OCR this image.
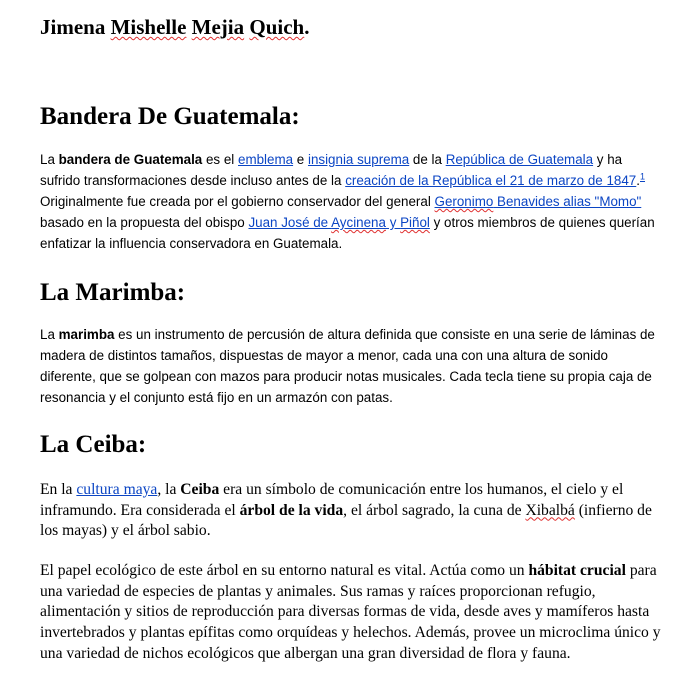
Jimena Mishelle Mejia Quich.
Bandera De Guatemala:
La bandera de Guatemala es el emblema e insignia suprema de la República de Guatemala y ha sufrido transformaciones desde incluso antes de la creación de la República el 21 de marzo de 1847.$^1$ Originalmente fue creada por el gobierno conservador del general Geronimo Benavides alias "Momo" basado en la propuesta del obispo Juan José de Aycinena y Piñol y otros miembros de quienes querían enfatizar la influencia conservadora en Guatemala.
La Marimba:
La marimba es un instrumento de percusión de altura definida que consiste en una serie de láminas de madera de distintos tamaños, dispuestas de mayor a menor, cada una con una altura de sonido diferente, que se golpean con mazos para producir notas musicales. Cada tecla tiene su propia caja de resonancia y el conjunto está fijo en un armazón con patas.
La Ceiba:
En la cultura maya, la Ceiba era un símbolo de comunicación entre los humanos, el cielo y el inframundo. Era considerada el árbol de la vida, el árbol sagrado, la cuna de Xibalbá (infierno de los mayas) y el árbol sabio.
El papel ecológico de este árbol en su entorno natural es vital. Actúa como un hábitat crucial para una variedad de especies de plantas y animales. Sus ramas y raíces proporcionan refugio, alimentación y sitios de reproducción para diversas formas de vida, desde aves y mamíferos hasta invertebrados y plantas epífitas como orquídeas y helechos. Además, provee un microclima único y una variedad de nichos ecológicos que albergan una gran diversidad de flora y fauna.
